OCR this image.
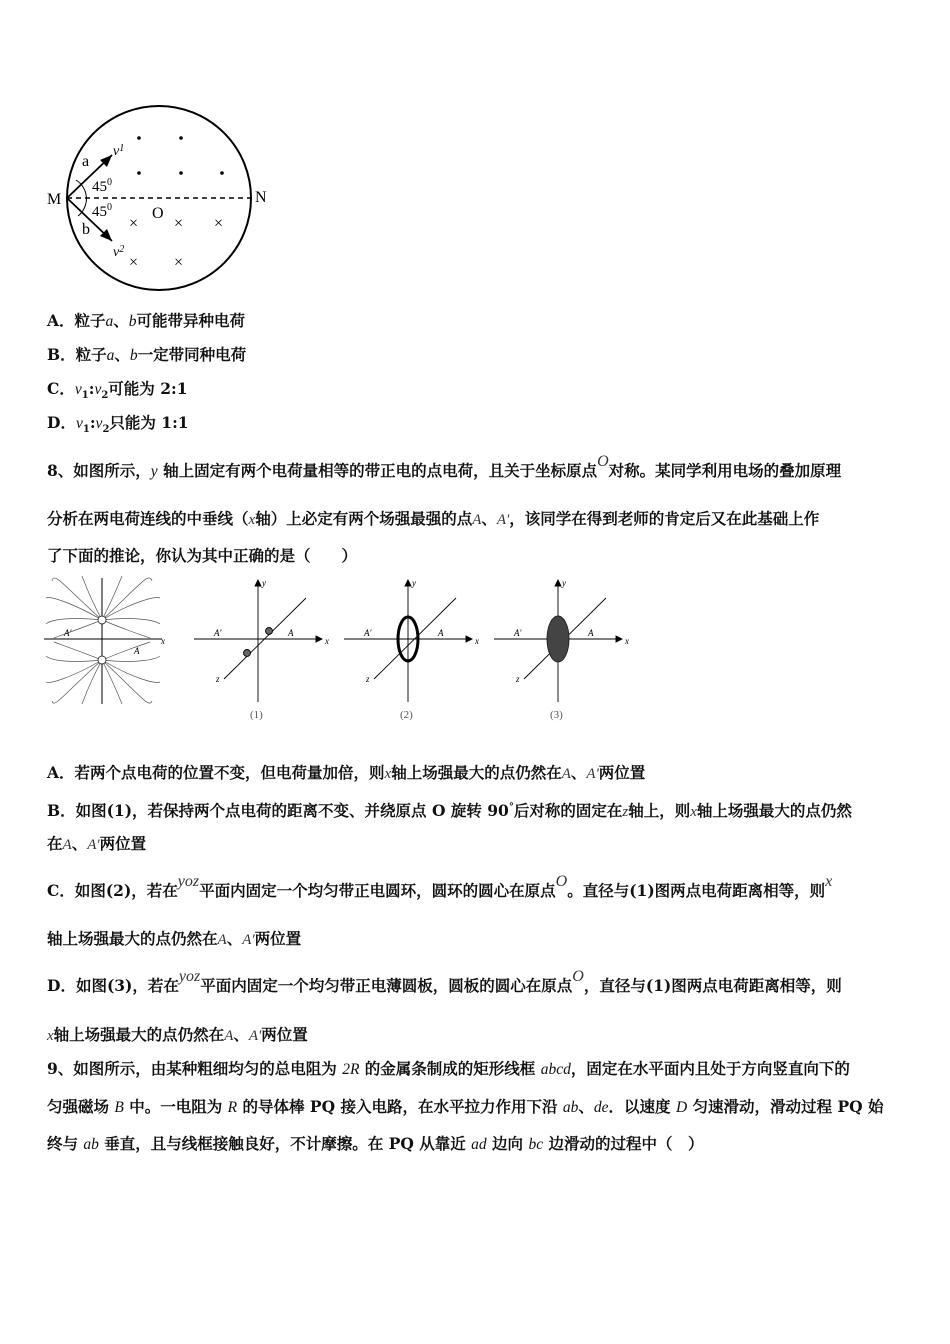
× × ×
× ×
M	N
O
a
b
$v^1$
$v^2$
$45^0$
$45^0$
A．粒子a、b可能带异种电荷
B．粒子a、b一定带同种电荷
C．$v_1:v_2$可能为 2:1
D．$v_1:v_2$只能为 1:1
8、如图所示，y 轴上固定有两个电荷量相等的带正电的点电荷，且关于坐标原点O对称。某同学利用电场的叠加原理
分析在两电荷连线的中垂线（x轴）上必定有两个场强最强的点A、A'，该同学在得到老师的肯定后又在此基础上作
了下面的推论，你认为其中正确的是（　　）
A'
A
x
A'	A
x
y
z
(1)
A'	A
x
y
z
(2)
A'	A
x
y
z
(3)
A．若两个点电荷的位置不变，但电荷量加倍，则x轴上场强最大的点仍然在A、A'两位置
B．如图(1)，若保持两个点电荷的距离不变、并绕原点 O 旋转 90°后对称的固定在z轴上，则x轴上场强最大的点仍然
在A、A'两位置
C．如图(2)，若在yoz平面内固定一个均匀带正电圆环，圆环的圆心在原点O。直径与(1)图两点电荷距离相等，则x
轴上场强最大的点仍然在A、A'两位置
D．如图(3)，若在yoz平面内固定一个均匀带正电薄圆板，圆板的圆心在原点O，直径与(1)图两点电荷距离相等，则
x轴上场强最大的点仍然在A、A'两位置
9、如图所示，由某种粗细均匀的总电阻为 2R 的金属条制成的矩形线框 abcd，固定在水平面内且处于方向竖直向下的
匀强磁场 B 中。一电阻为 R 的导体棒 PQ 接入电路，在水平拉力作用下沿 ab、de．以速度 D 匀速滑动，滑动过程 PQ 始
终与 ab 垂直，且与线框接触良好，不计摩擦。在 PQ 从靠近 ad 边向 bc 边滑动的过程中（　）
